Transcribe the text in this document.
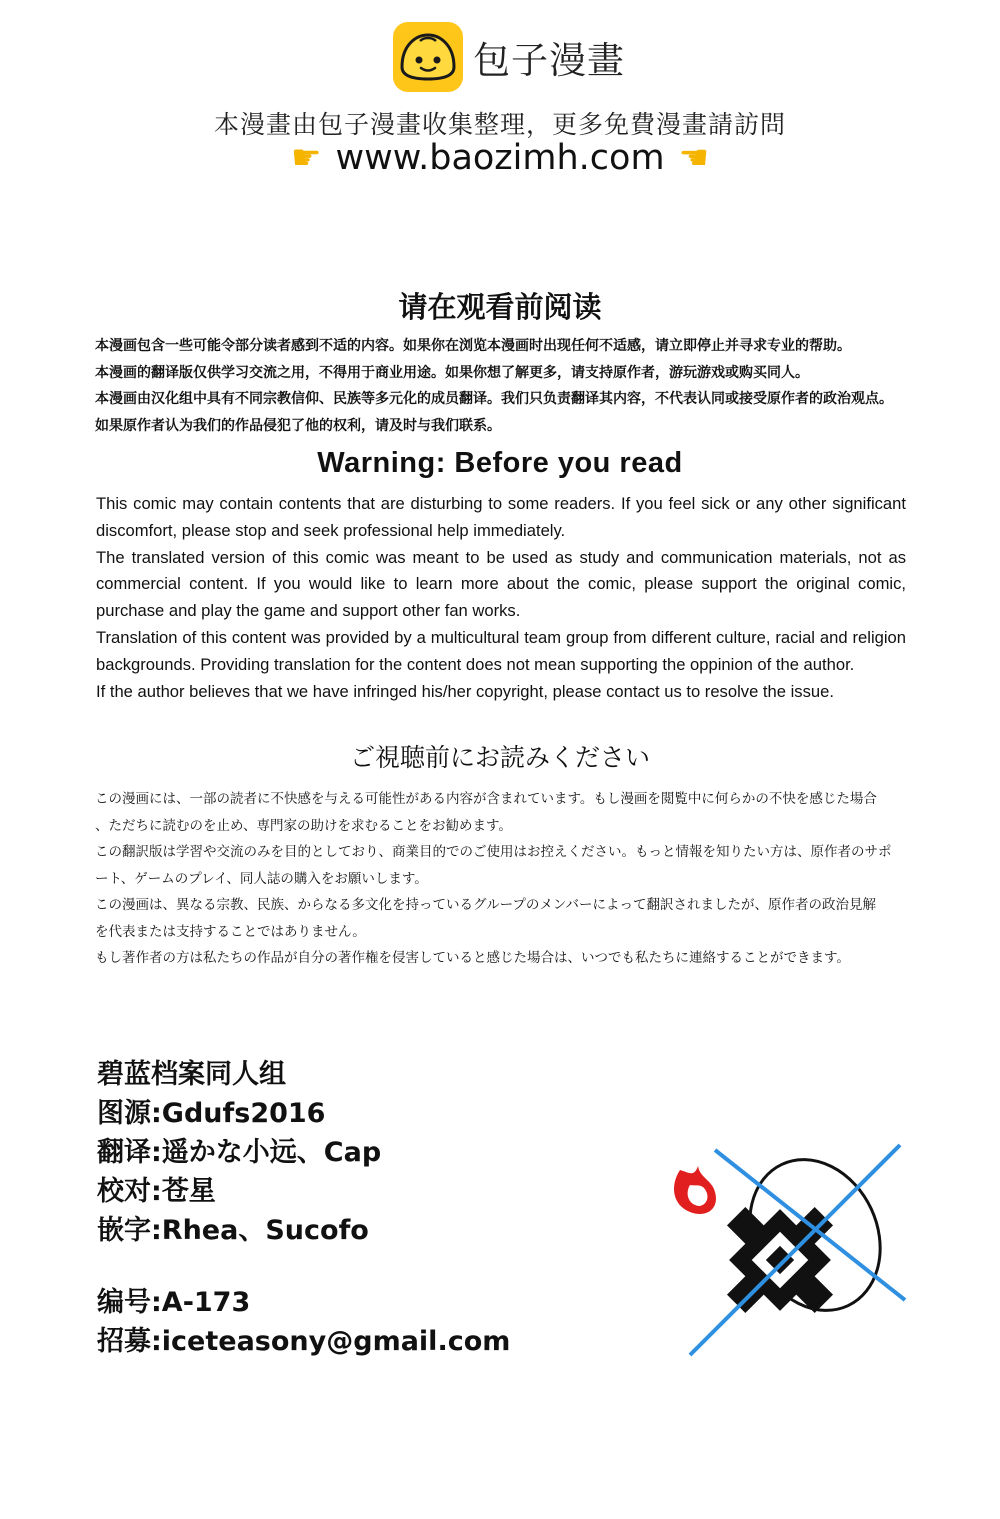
包子漫畫
本漫畫由包子漫畫收集整理，更多免費漫畫請訪問
☛ www.baozimh.com ☚
请在观看前阅读

本漫画包含一些可能令部分读者感到不适的内容。如果你在浏览本漫画时出现任何不适感，请立即停止并寻求专业的帮助。

本漫画的翻译版仅供学习交流之用，不得用于商业用途。如果你想了解更多，请支持原作者，游玩游戏或购买同人。

本漫画由汉化组中具有不同宗教信仰、民族等多元化的成员翻译。我们只负责翻译其内容，不代表认同或接受原作者的政治观点。

如果原作者认为我们的作品侵犯了他的权利，请及时与我们联系。

Warning: Before you read

This comic may contain contents that are disturbing to some readers. If you feel sick or any other significant discomfort, please stop and seek professional help immediately.

The translated version of this comic was meant to be used as study and communication materials, not as commercial content. If you would like to learn more about the comic, please support the original comic, purchase and play the game and support other fan works.

Translation of this content was provided by a multicultural team group from different culture, racial and religion backgrounds. Providing translation for the content does not mean supporting the oppinion of the author.

If the author believes that we have infringed his/her copyright, please contact us to resolve the issue.

ご視聴前にお読みください

この漫画には、一部の読者に不快感を与える可能性がある内容が含まれています。もし漫画を閲覧中に何らかの不快を感じた場合

、ただちに読むのを止め、専門家の助けを求むることをお勧めます。

この翻訳版は学習や交流のみを目的としており、商業目的でのご使用はお控えください。もっと情報を知りたい方は、原作者のサポ

ート、ゲームのプレイ、同人誌の購入をお願いします。

この漫画は、異なる宗教、民族、からなる多文化を持っているグループのメンバーによって翻訳されましたが、原作者の政治見解

を代表または支持することではありません。

もし著作者の方は私たちの作品が自分の著作権を侵害していると感じた場合は、いつでも私たちに連絡することができます。

碧蓝档案同人组
图源:Gdufs2016
翻译:遥かな小远、Cap
校对:苍星
嵌字:Rhea、Sucofo
编号:A-173
招募:iceteasony@gmail.com
